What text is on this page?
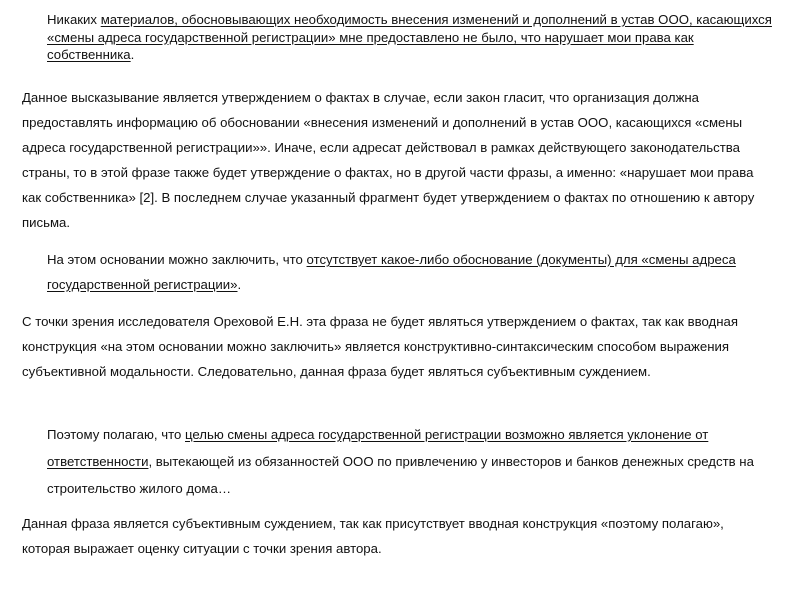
Никаких материалов, обосновывающих необходимость внесения изменений и дополнений в устав ООО, касающихся «смены адреса государственной регистрации» мне предоставлено не было, что нарушает мои права как собственника.

Данное высказывание является утверждением о фактах в случае, если закон гласит, что организация должна предоставлять информацию об обосновании «внесения изменений и дополнений в устав ООО, касающихся «смены адреса государственной регистрации»». Иначе, если адресат действовал в рамках действующего законодательства страны, то в этой фразе также будет утверждение о фактах, но в другой части фразы, а именно: «нарушает мои права как собственника» [2]. В последнем случае указанный фрагмент будет утверждением о фактах по отношению к автору письма.

На этом основании можно заключить, что отсутствует какое-либо обоснование (документы) для «смены адреса государственной регистрации».

С точки зрения исследователя Ореховой Е.Н. эта фраза не будет являться утверждением о фактах, так как вводная конструкция «на этом основании можно заключить» является конструктивно-синтаксическим способом выражения субъективной модальности. Следовательно, данная фраза будет являться субъективным суждением.

Поэтому полагаю, что целью смены адреса государственной регистрации возможно является уклонение от ответственности, вытекающей из обязанностей ООО по привлечению у инвесторов и банков денежных средств на строительство жилого дома…

Данная фраза является субъективным суждением, так как присутствует вводная конструкция «поэтому полагаю», которая выражает оценку ситуации с точки зрения автора.
